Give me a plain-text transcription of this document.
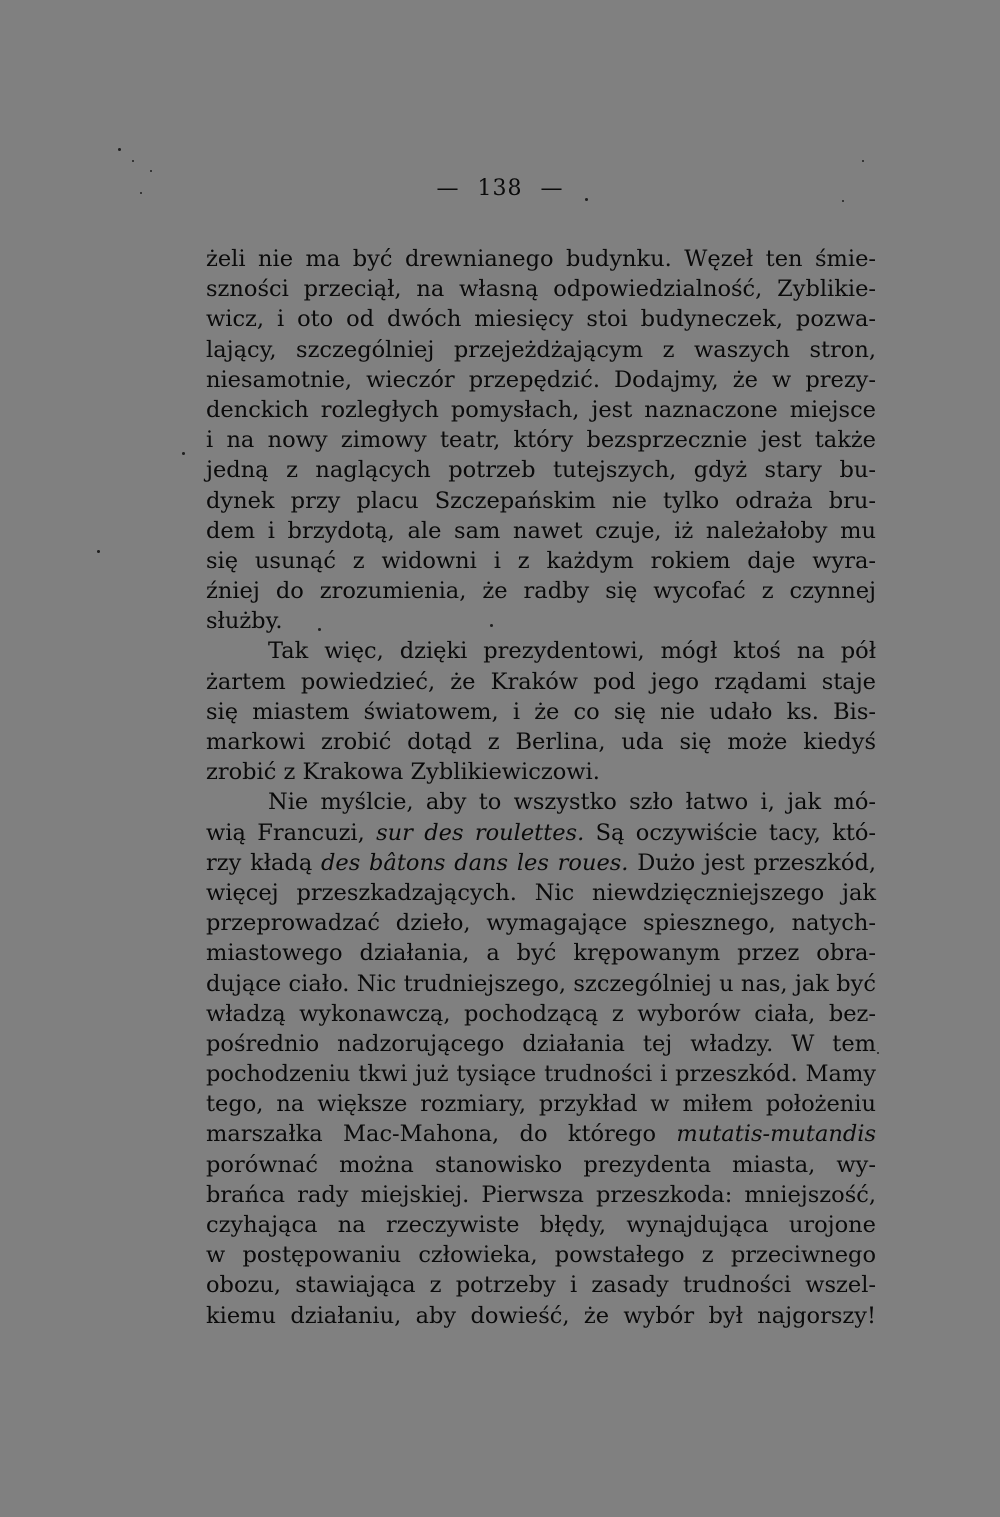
— 138 —
żeli nie ma być drewnianego budynku. Węzeł ten śmie-
szności przeciął, na własną odpowiedzialność, Zyblikie-
wicz, i oto od dwóch miesięcy stoi budyneczek, pozwa-
lający, szczególniej przejeżdżającym z waszych stron,
niesamotnie, wieczór przepędzić. Dodajmy, że w prezy-
denckich rozległych pomysłach, jest naznaczone miejsce
i na nowy zimowy teatr, który bezsprzecznie jest także
jedną z naglących potrzeb tutejszych, gdyż stary bu-
dynek przy placu Szczepańskim nie tylko odraża bru-
dem i brzydotą, ale sam nawet czuje, iż należałoby mu
się usunąć z widowni i z każdym rokiem daje wyra-
źniej do zrozumienia, że radby się wycofać z czynnej
służby.
Tak więc, dzięki prezydentowi, mógł ktoś na pół
żartem powiedzieć, że Kraków pod jego rządami staje
się miastem światowem, i że co się nie udało ks. Bis-
markowi zrobić dotąd z Berlina, uda się może kiedyś
zrobić z Krakowa Zyblikiewiczowi.
Nie myślcie, aby to wszystko szło łatwo i, jak mó-
wią Francuzi, sur des roulettes. Są oczywiście tacy, któ-
rzy kładą des bâtons dans les roues. Dużo jest przeszkód,
więcej przeszkadzających. Nic niewdzięczniejszego jak
przeprowadzać dzieło, wymagające spiesznego, natych-
miastowego działania, a być krępowanym przez obra-
dujące ciało. Nic trudniejszego, szczególniej u nas, jak być
władzą wykonawczą, pochodzącą z wyborów ciała, bez-
pośrednio nadzorującego działania tej władzy. W tem
pochodzeniu tkwi już tysiące trudności i przeszkód. Mamy
tego, na większe rozmiary, przykład w miłem położeniu
marszałka Mac-Mahona, do którego mutatis-mutandis
porównać można stanowisko prezydenta miasta, wy-
brańca rady miejskiej. Pierwsza przeszkoda: mniejszość,
czyhająca na rzeczywiste błędy, wynajdująca urojone
w postępowaniu człowieka, powstałego z przeciwnego
obozu, stawiająca z potrzeby i zasady trudności wszel-
kiemu działaniu, aby dowieść, że wybór był najgorszy!
